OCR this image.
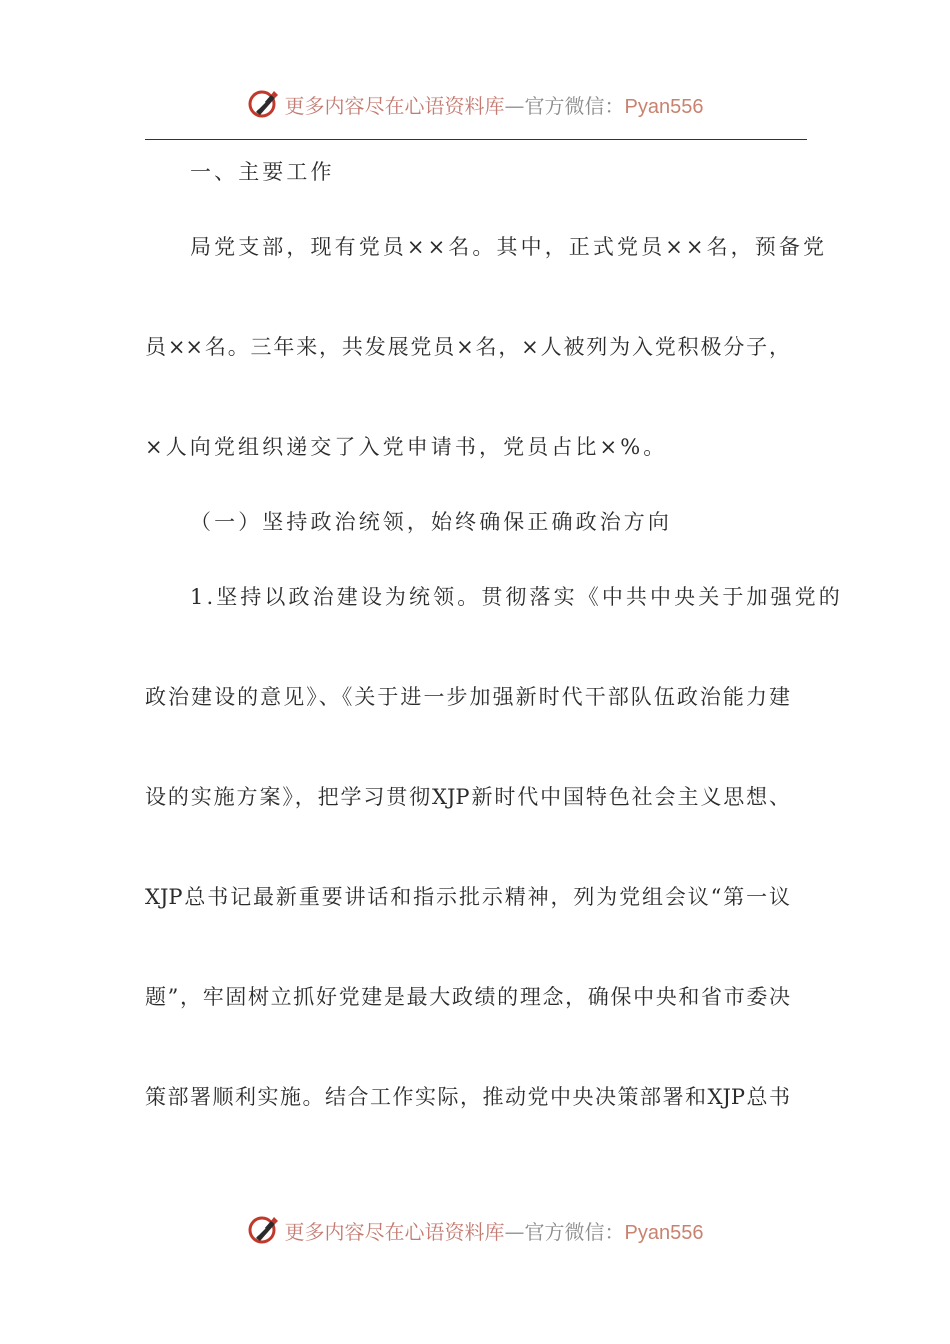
更多内容尽在心语资料库—官方微信：Pyan556
一、主要工作
局党支部，现有党员××名。其中，正式党员××名，预备党
员××名。三年来，共发展党员×名，×人被列为入党积极分子，
×人向党组织递交了入党申请书，党员占比×%。
（一）坚持政治统领，始终确保正确政治方向
1.坚持以政治建设为统领。贯彻落实《中共中央关于加强党的
政治建设的意见》、《关于进一步加强新时代干部队伍政治能力建
设的实施方案》，把学习贯彻XJP新时代中国特色社会主义思想、
XJP总书记最新重要讲话和指示批示精神，列为党组会议“第一议
题”，牢固树立抓好党建是最大政绩的理念，确保中央和省市委决
策部署顺利实施。结合工作实际，推动党中央决策部署和XJP总书
更多内容尽在心语资料库—官方微信：Pyan556
